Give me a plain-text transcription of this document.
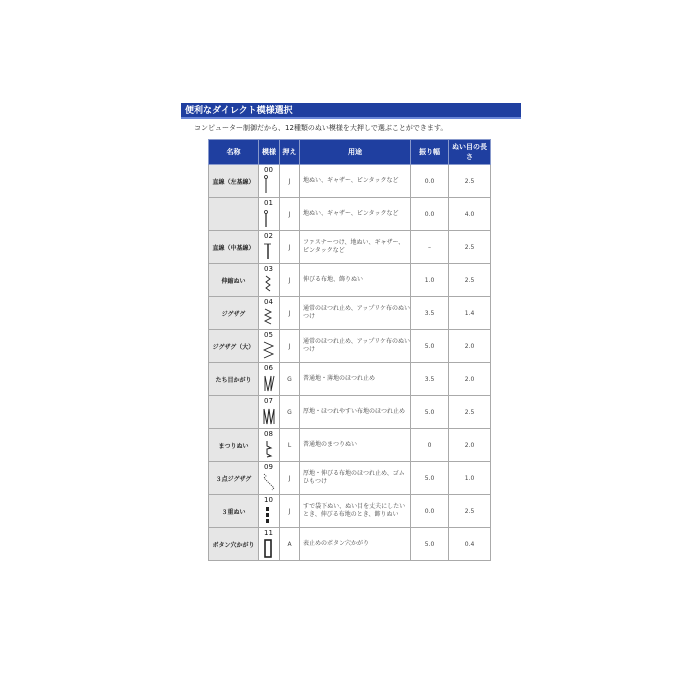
便利なダイレクト模様選択
コンピューター制御だから、12種類のぬい模様を大押しで選ぶことができます。
名称	模様	押え	用途	振り幅	ぬい目の長さ
直線（左基線）	00	J	地ぬい、ギャザー、ピンタックなど	0.0	2.5

	01	J	地ぬい、ギャザー、ピンタックなど	0.0	4.0
直線（中基線）	02	J	ファスナーつけ、地ぬい、ギャザー、ピンタックなど	–	2.5
伸縮ぬい	03	J	伸びる布地、飾りぬい	1.0	2.5
ジグザグ	04	J	通常のほつれ止め、アップリケ布のぬいつけ	3.5	1.4
ジグザグ（大）	05	J	通常のほつれ止め、アップリケ布のぬいつけ	5.0	2.0
たち目かがり	06	G	普通地・薄地のほつれ止め	3.5	2.0

	07	G	厚地・ほつれやすい布地のほつれ止め	5.0	2.5
まつりぬい	08	L	普通地のまつりぬい	0	2.0
３点ジグザグ	09	J	厚地・伸びる布地のほつれ止め、ゴムひもつけ	5.0	1.0
３重ぬい	10	J	すで袋下ぬい、ぬい目を丈夫にしたいとき、伸びる布地のとき、飾りぬい	0.0	2.5
ボタン穴かがり	11	A	表止めのボタン穴かがり	5.0	0.4
